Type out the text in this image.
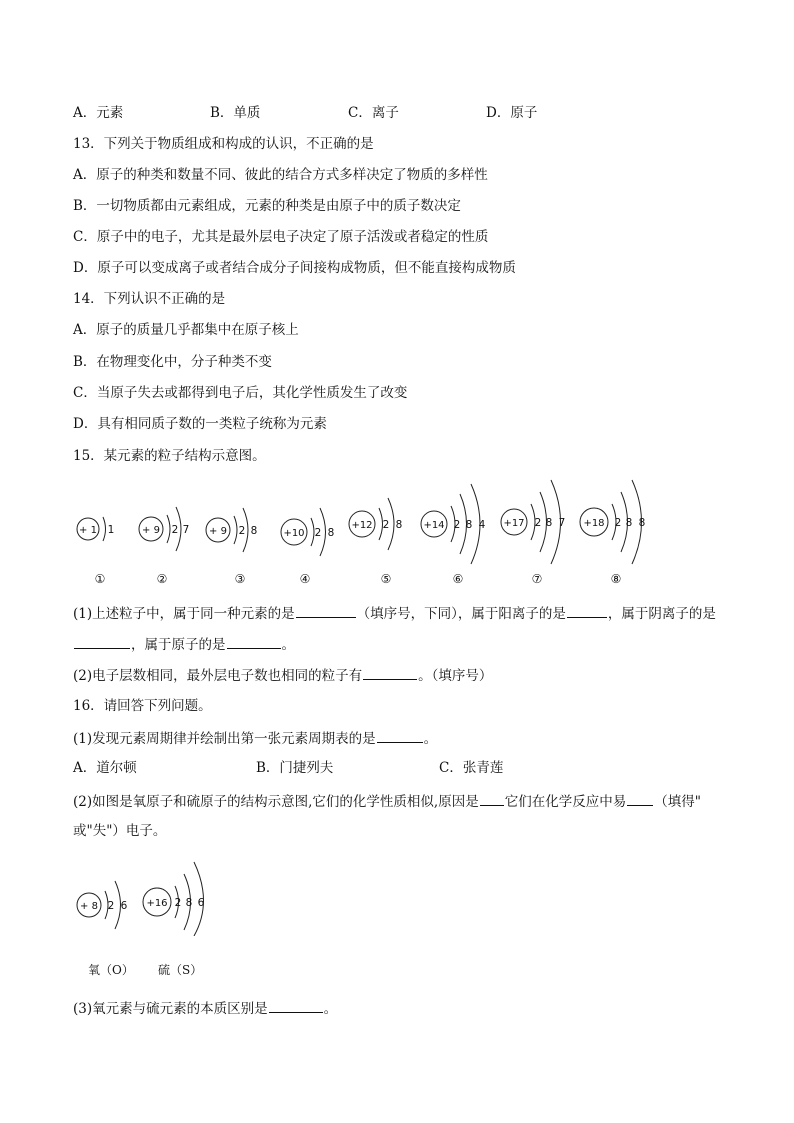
A．元素	B．单质	C．离子	D．原子
13．下列关于物质组成和构成的认识，不正确的是
A．原子的种类和数量不同、彼此的结合方式多样决定了物质的多样性
B．一切物质都由元素组成，元素的种类是由原子中的质子数决定
C．原子中的电子，尤其是最外层电子决定了原子活泼或者稳定的性质
D．原子可以变成离子或者结合成分子间接构成物质，但不能直接构成物质
14．下列认识不正确的是
A．原子的质量几乎都集中在原子核上
B．在物理变化中，分子种类不变
C．当原子失去或都得到电子后，其化学性质发生了改变
D．具有相同质子数的一类粒子统称为元素
15．某元素的粒子结构示意图。
+ 1 1	+ 9 2 7 + 9 2 8	+10 2 8
+12 2 8 +14 2 8 4 +17 2 8 7 +18 2 8 8
①	②	③	④	⑤	⑥	⑦	⑧
(1)上述粒子中，属于同一种元素的是	（填序号，下同），属于阳离子的是	，属于阴离子的是
，属于原子的是	。
(2)电子层数相同，最外层电子数也相同的粒子有	。（填序号）
16．请回答下列问题。
(1)发现元素周期律并绘制出第一张元素周期表的是	。
A．道尔顿	B．门捷列夫	C．张青莲
(2)如图是氧原子和硫原子的结构示意图,它们的化学性质相似,原因是 它们在化学反应中易 （填得"
或"失"）电子。
+ 8 2 6 +16 2 8 6
氧（O） 硫（S）
(3)氧元素与硫元素的本质区别是	。
